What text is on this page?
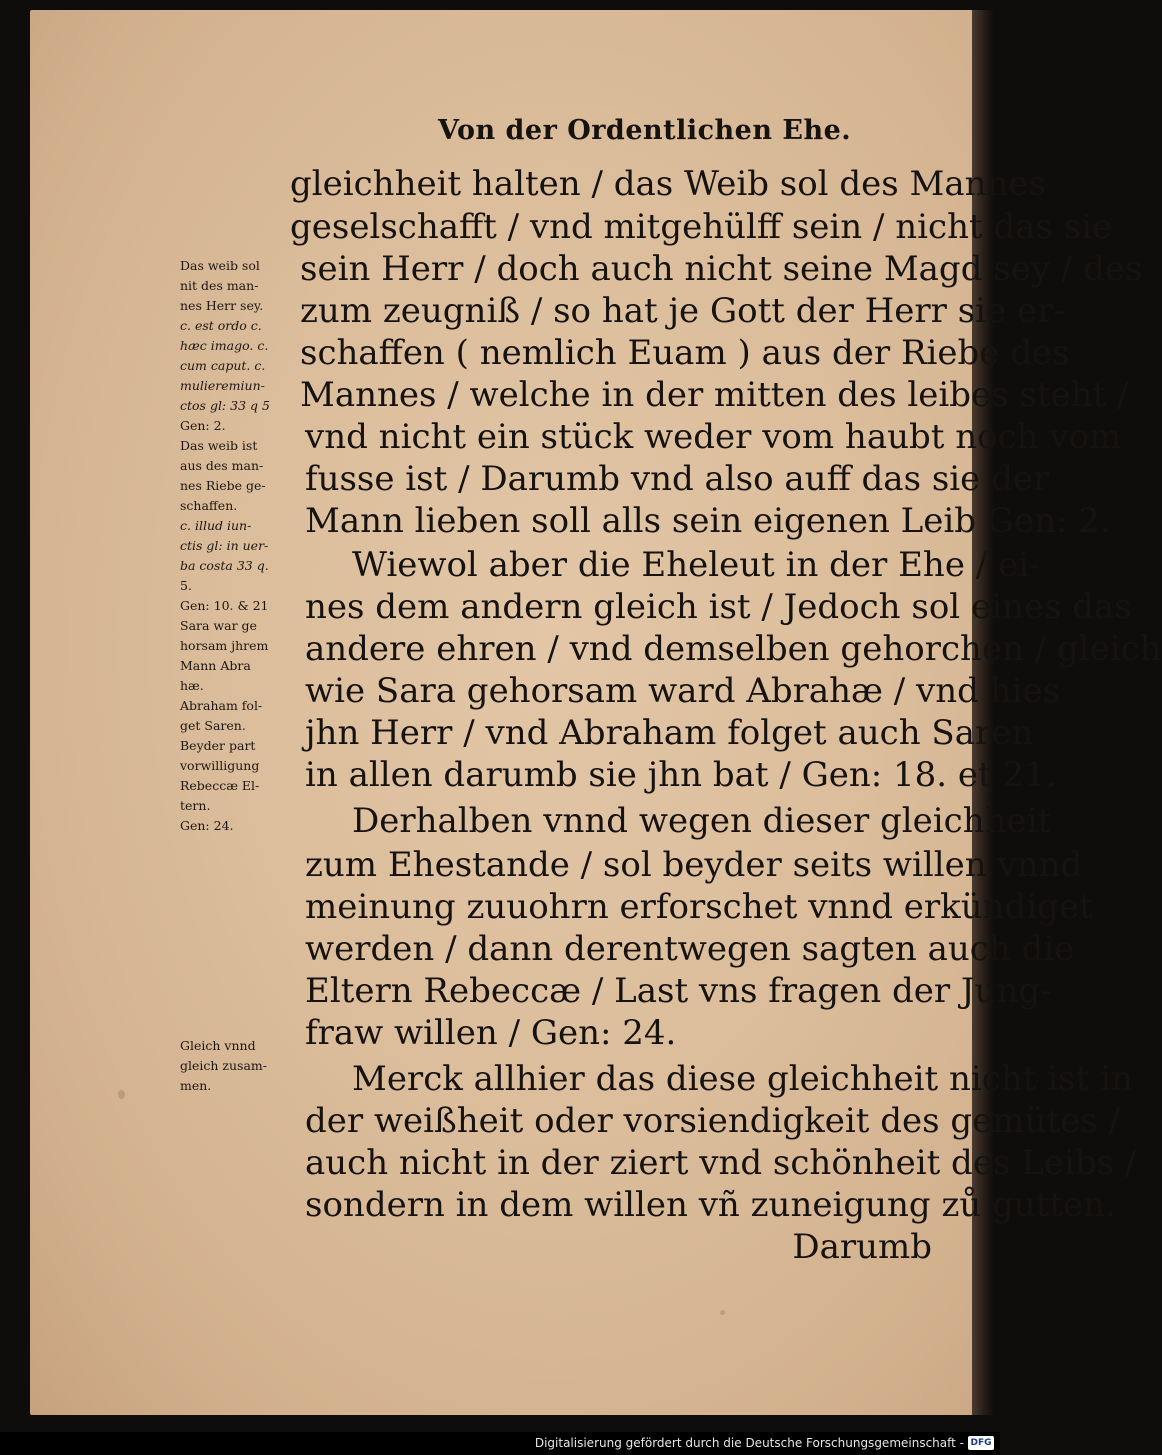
Von der Ordentlichen Ehe.
gleichheit halten / das Weib sol des Mannes
geselschafft / vnd mitgehülff sein / nicht das sie
sein Herr / doch auch nicht seine Magd sey / des
zum zeugniß / so hat je Gott der Herr sie er-
schaffen ( nemlich Euam ) aus der Riebe des
Mannes / welche in der mitten des leibes steht /
vnd nicht ein stück weder vom haubt noch vom
fusse ist / Darumb vnd also auff das sie der
Mann lieben soll alls sein eigenen Leib Gen: 2.
Wiewol aber die Eheleut in der Ehe / ei-
nes dem andern gleich ist / Jedoch sol eines das
andere ehren / vnd demselben gehorchen / gleich
wie Sara gehorsam ward Abrahæ / vnd hies
jhn Herr / vnd Abraham folget auch Saren
in allen darumb sie jhn bat / Gen: 18. et 21.
Derhalben vnnd wegen dieser gleichheit
zum Ehestande / sol beyder seits willen vnnd
meinung zuuohrn erforschet vnnd erkündiget
werden / dann derentwegen sagten auch die
Eltern Rebeccæ / Last vns fragen der Jung-
fraw willen / Gen: 24.
Merck allhier das diese gleichheit nicht ist in
der weißheit oder vorsiendigkeit des gemütes /
auch nicht in der ziert vnd schönheit des Leibs /
sondern in dem willen vñ zuneigung zů gutten.
Darumb
Das weib sol
nit des man-
nes Herr sey.
c. est ordo c.
hæc imago. c.
cum caput. c.
mulieremiun-
ctos gl: 33 q 5
Gen: 2.
Das weib ist
aus des man-
nes Riebe ge-
schaffen.
c. illud iun-
ctis gl: in uer-
ba costa 33 q.
5.
Gen: 10. & 21
Sara war ge
horsam jhrem
Mann Abra
hæ.
Abraham fol-
get Saren.
Beyder part
vorwilligung
Rebeccæ El-
tern.
Gen: 24.
Gleich vnnd
gleich zusam-
men.
Digitalisierung gefördert durch die Deutsche Forschungsgemeinschaft - DFG
